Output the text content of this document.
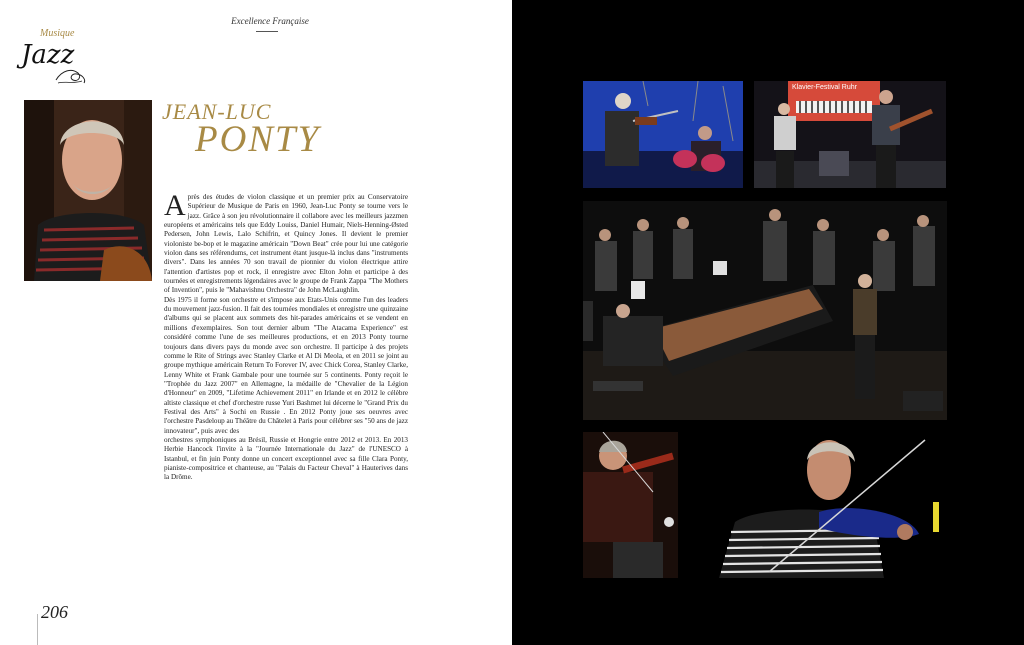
Excellence Française
Musique
Jazz
JEAN-LUC
PONTY

Après des études de violon classique et un premier prix au Conservatoire Supérieur de Musique de Paris en 1960, Jean-Luc Ponty se tourne vers le jazz. Grâce à son jeu révolutionnaire il collabore avec les meilleurs jazzmen européens et américains tels que Eddy Louiss, Daniel Humair, Niels-Henning-Østed Pedersen, John Lewis, Lalo Schifrin, et Quincy Jones. Il devient le premier violoniste be-bop et le magazine américain "Down Beat" crée pour lui une catégorie violon dans ses référendums, cet instrument étant jusque-là inclus dans "instruments divers". Dans les années 70 son travail de pionnier du violon électrique attire l'attention d'artistes pop et rock, il enregistre avec Elton John et participe à des tournées et enregistrements légendaires avec le groupe de Frank Zappa "The Mothers of Invention", puis le "Mahavishnu Orchestra" de John McLaughlin.

Dès 1975 il forme son orchestre et s'impose aux Etats-Unis comme l'un des leaders du mouvement jazz-fusion. Il fait des tournées mondiales et enregistre une quinzaine d'albums qui se placent aux sommets des hit-parades américains et se vendent en millions d'exemplaires. Son tout dernier album "The Atacama Experience" est considéré comme l'une de ses meilleures productions, et en 2013 Ponty tourne toujours dans divers pays du monde avec son orchestre. Il participe à des projets comme le Rite of Strings avec Stanley Clarke et Al Di Meola, et en 2011 se joint au groupe mythique américain Return To Forever IV, avec Chick Corea, Stanley Clarke, Lenny White et Frank Gambale pour une tournée sur 5 continents. Ponty reçoit le "Trophée du Jazz 2007" en Allemagne, la médaille de "Chevalier de la Légion d'Honneur" en 2009, "Lifetime Achievement 2011" en Irlande et en 2012 le célèbre altiste classique et chef d'orchestre russe Yuri Bashmet lui décerne le "Grand Prix du Festival des Arts" à Sochi en Russie . En 2012 Ponty joue ses oeuvres avec l'orchestre Pasdeloup au Théâtre du Châtelet à Paris pour célébrer ses "50 ans de jazz innovateur", puis avec des

orchestres symphoniques au Brésil, Russie et Hongrie entre 2012 et 2013. En 2013 Herbie Hancock l'invite à la "Journée Internationale du Jazz" de l'UNESCO à Istanbul, et fin juin Ponty donne un concert exceptionnel avec sa fille Clara Ponty, pianiste-compositrice et chanteuse, au "Palais du Facteur Cheval" à Hauterives dans la Drôme.

206
Klavier-Festival Ruhr
